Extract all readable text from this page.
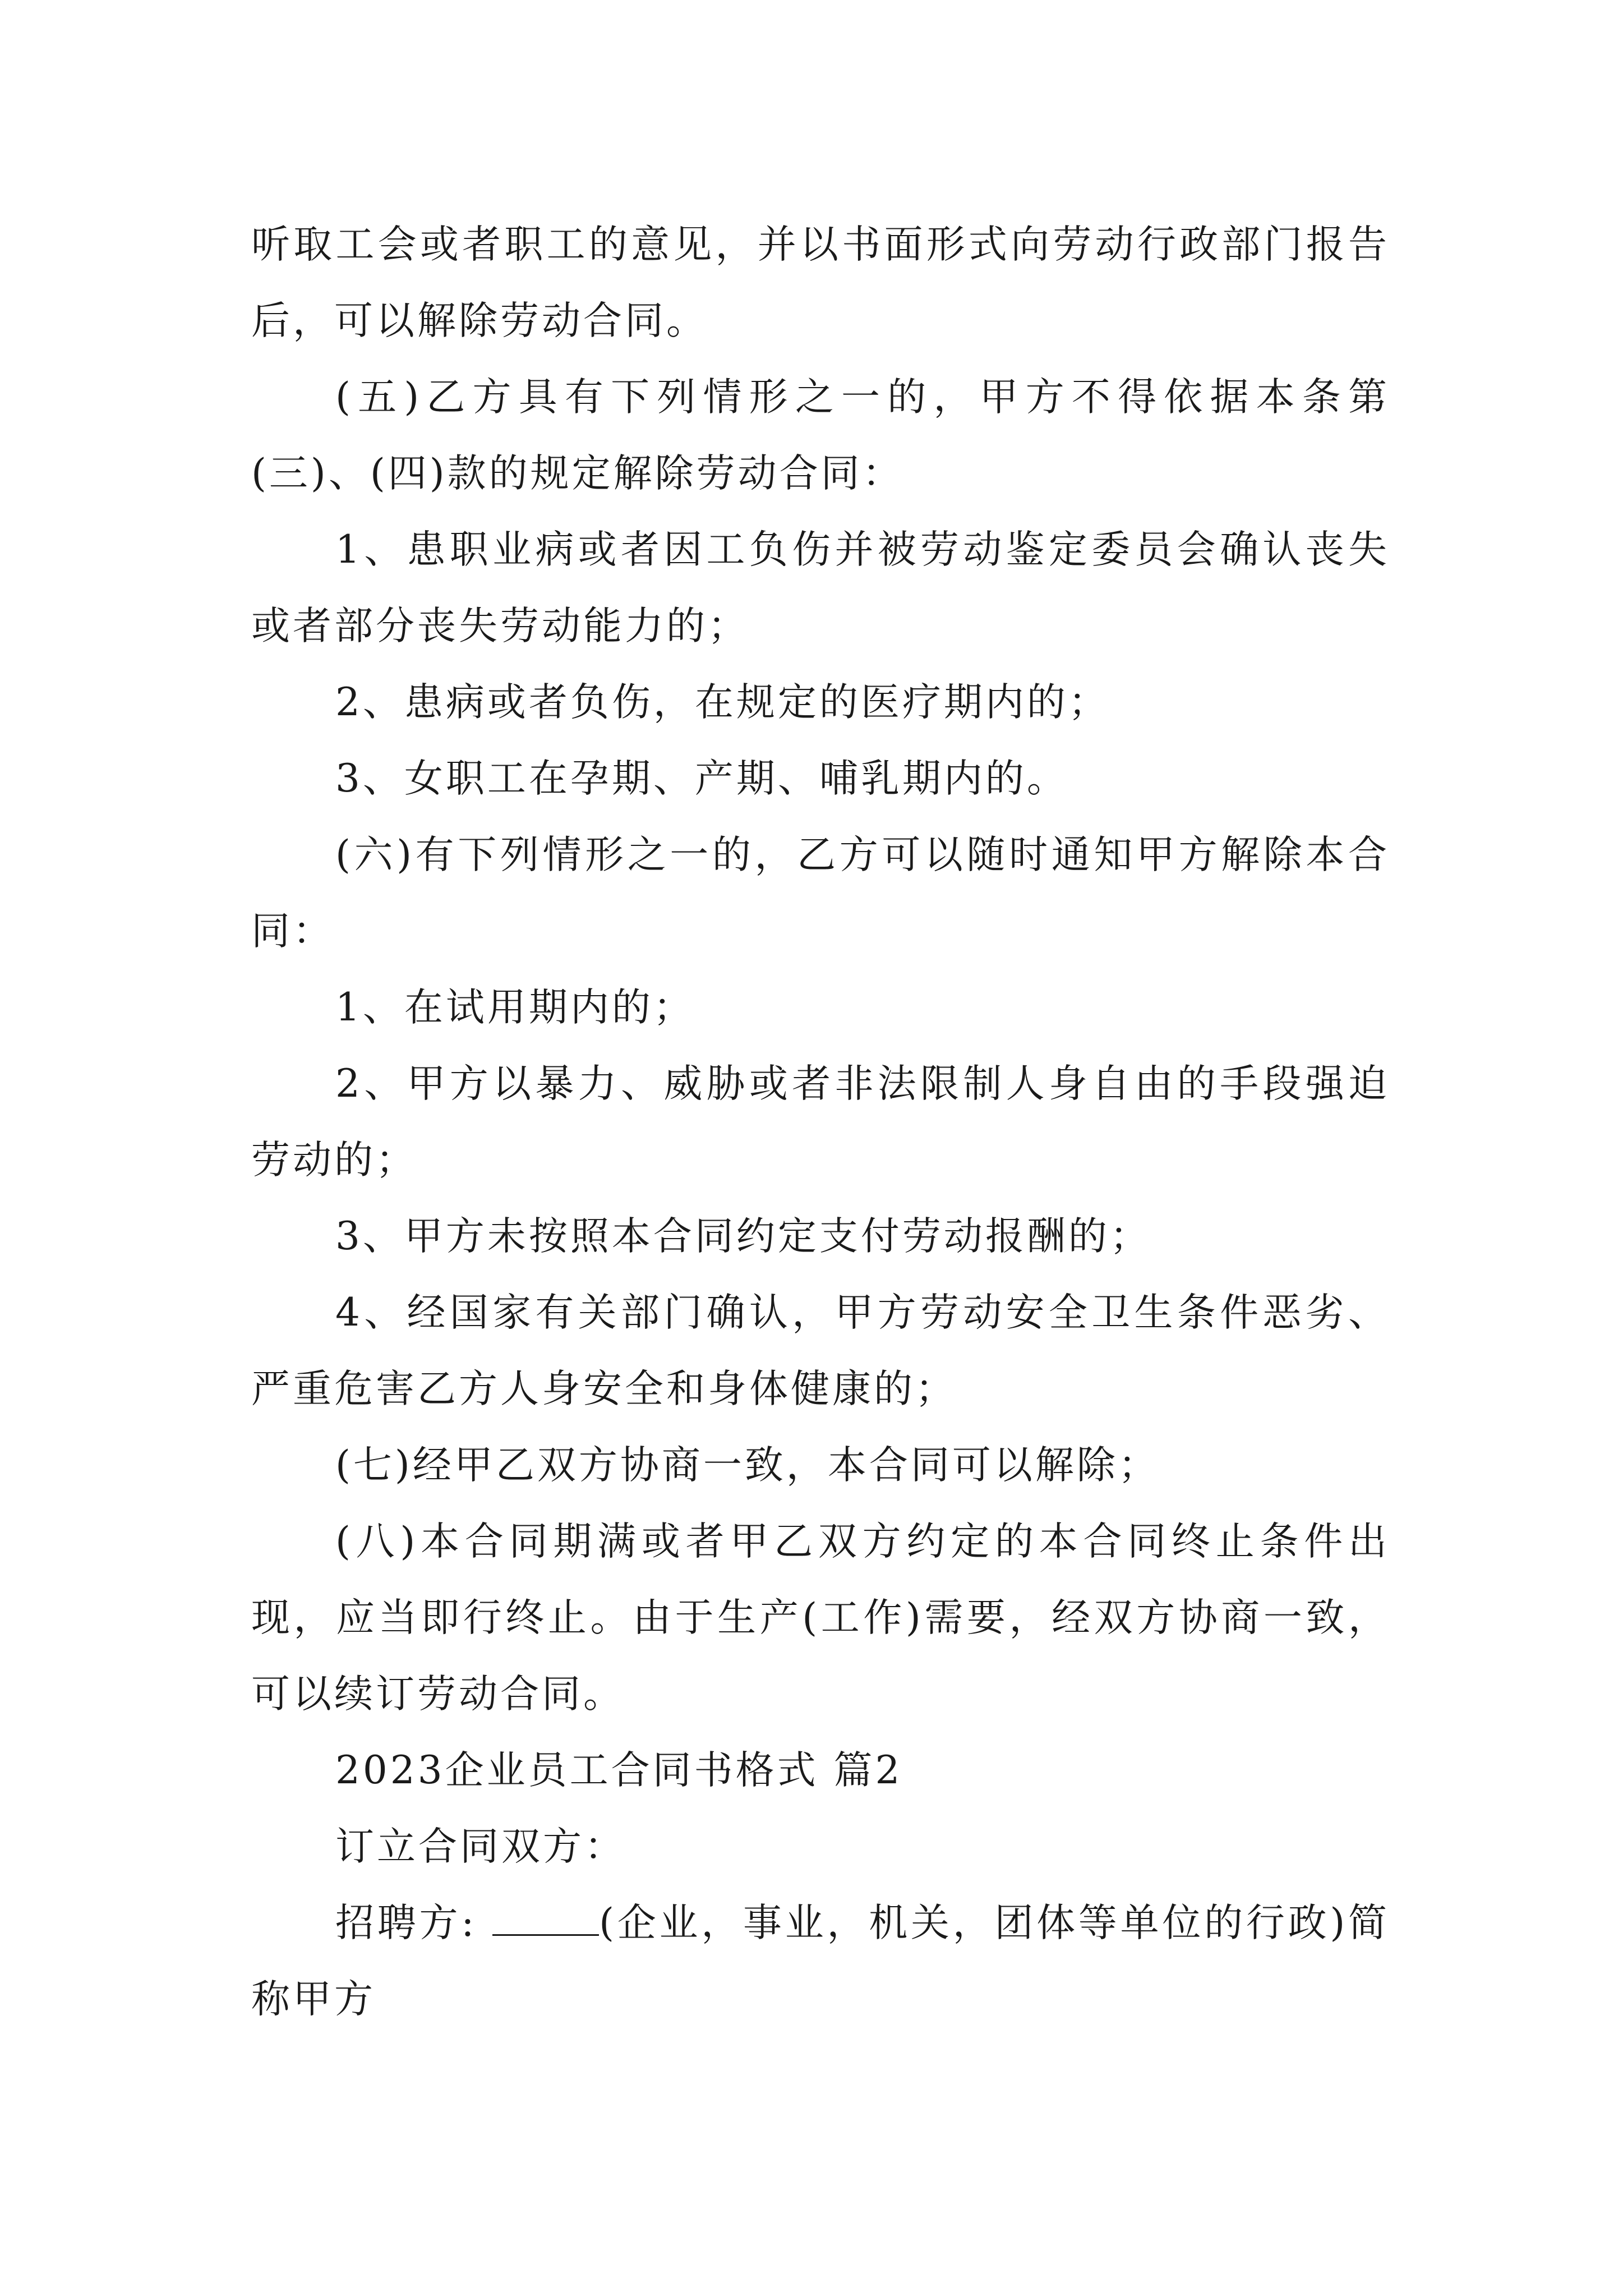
听取工会或者职工的意见，并以书面形式向劳动行政部门报告后，可以解除劳动合同。

(五)乙方具有下列情形之一的，甲方不得依据本条第(三)、(四)款的规定解除劳动合同：

1、患职业病或者因工负伤并被劳动鉴定委员会确认丧失或者部分丧失劳动能力的；

2、患病或者负伤，在规定的医疗期内的；

3、女职工在孕期、产期、哺乳期内的。

(六)有下列情形之一的，乙方可以随时通知甲方解除本合同：

1、在试用期内的；

2、甲方以暴力、威胁或者非法限制人身自由的手段强迫劳动的；

3、甲方未按照本合同约定支付劳动报酬的；

4、经国家有关部门确认，甲方劳动安全卫生条件恶劣、严重危害乙方人身安全和身体健康的；

(七)经甲乙双方协商一致，本合同可以解除；

(八)本合同期满或者甲乙双方约定的本合同终止条件出现，应当即行终止。由于生产(工作)需要，经双方协商一致，可以续订劳动合同。

2023企业员工合同书格式 篇2

订立合同双方：

招聘方:	(企业，事业，机关，团体等单位的行政)简称甲方
